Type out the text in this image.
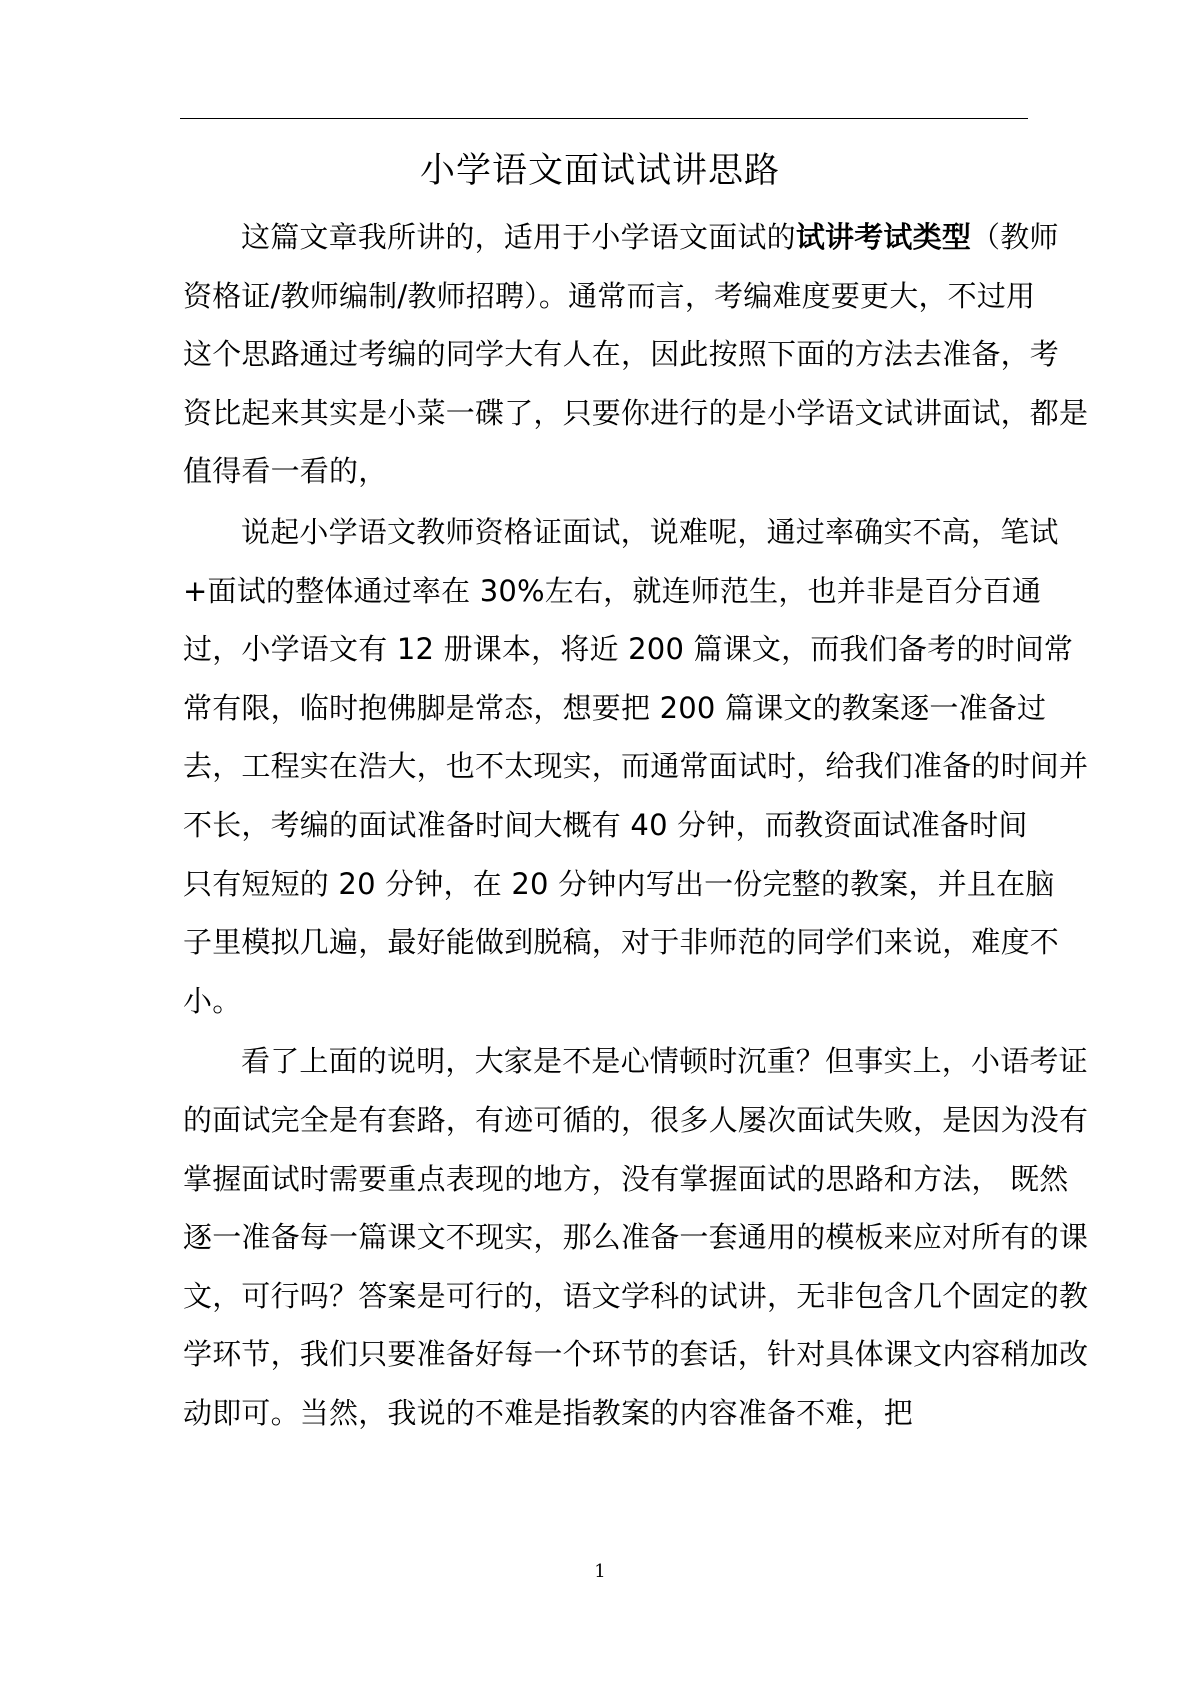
小学语文面试试讲思路
这篇文章我所讲的，适用于小学语文面试的试讲考试类型（教师
资格证/教师编制/教师招聘）。通常而言，考编难度要更大，不过用
这个思路通过考编的同学大有人在，因此按照下面的方法去准备，考
资比起来其实是小菜一碟了，只要你进行的是小学语文试讲面试，都是
值得看一看的，
说起小学语文教师资格证面试，说难呢，通过率确实不高，笔试
+面试的整体通过率在 30%左右，就连师范生，也并非是百分百通
过，小学语文有 12 册课本，将近 200 篇课文，而我们备考的时间常
常有限，临时抱佛脚是常态，想要把 200 篇课文的教案逐一准备过
去，工程实在浩大，也不太现实，而通常面试时，给我们准备的时间并
不长，考编的面试准备时间大概有 40 分钟，而教资面试准备时间
只有短短的 20 分钟，在 20 分钟内写出一份完整的教案，并且在脑
子里模拟几遍，最好能做到脱稿，对于非师范的同学们来说，难度不
小。
看了上面的说明，大家是不是心情顿时沉重？但事实上，小语考证
的面试完全是有套路，有迹可循的，很多人屡次面试失败，是因为没有
掌握面试时需要重点表现的地方，没有掌握面试的思路和方法， 既然
逐一准备每一篇课文不现实，那么准备一套通用的模板来应对所有的课
文，可行吗？答案是可行的，语文学科的试讲，无非包含几个固定的教
学环节，我们只要准备好每一个环节的套话，针对具体课文内容稍加改
动即可。当然，我说的不难是指教案的内容准备不难，把
1
